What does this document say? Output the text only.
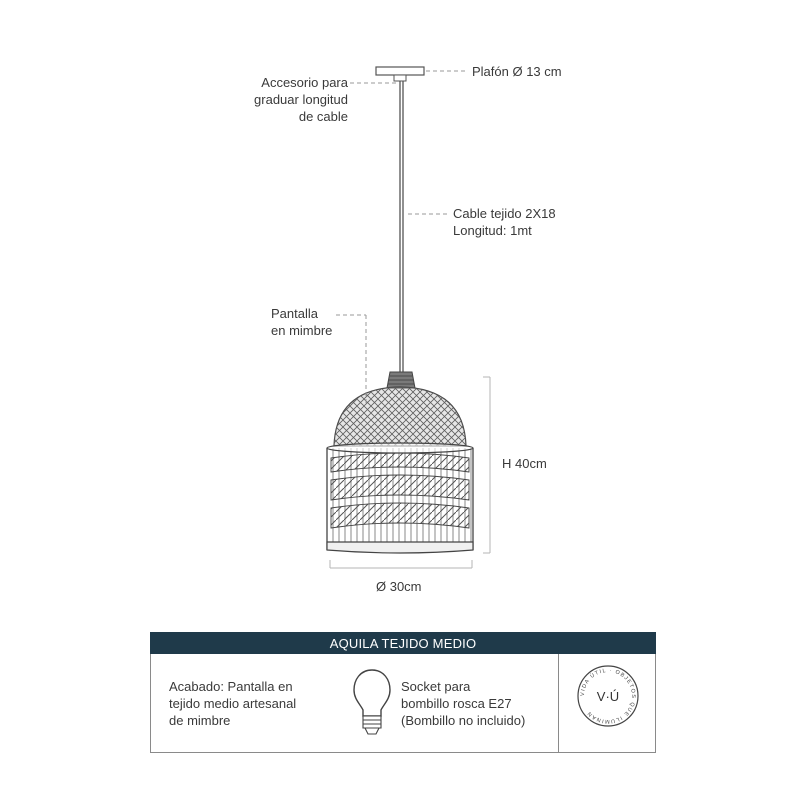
Plafón Ø 13 cm
Accesorio para
graduar longitud
de cable
Cable tejido 2X18
Longitud: 1mt
Pantalla
en mimbre
H 40cm
Ø 30cm
AQUILA TEJIDO MEDIO
Acabado: Pantalla en
tejido medio artesanal
de mimbre
Socket para
bombillo rosca E27
(Bombillo no incluido)
VIDA ÚTIL · OBJETOS QUE ILUMINAN
V·Ú
